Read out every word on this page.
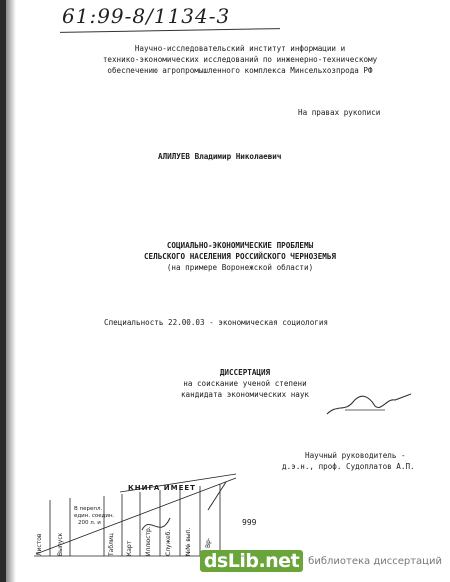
61:99-8/1134-3
Научно-исследовательский институт информации и
технико-экономических исследований по инженерно-техническому
обеспечению агропромышленного комплекса Минсельхозпрода РФ
На правах рукописи
АЛИЛУЕВ Владимир Николаевич
СОЦИАЛЬНО-ЭКОНОМИЧЕСКИЕ ПРОБЛЕМЫ
СЕЛЬСКОГО НАСЕЛЕНИЯ РОССИЙСКОГО ЧЕРНОЗЕМЬЯ
(на примере Воронежской области)
Специальность 22.00.03 - экономическая социология
ДИССЕРТАЦИЯ
на соискание ученой степени
кандидата экономических наук
Научный руководитель -
д.э.н., проф. Судоплатов А.П.
КНИГА ИМЕЕТ
Листов Выпуск
В перепл.
един. соедин.
200 л. и
Таблиц Карт Иллюстр. Служеб. №№ вып. Вр-
999
dsLib.net библиотека диссертаций
